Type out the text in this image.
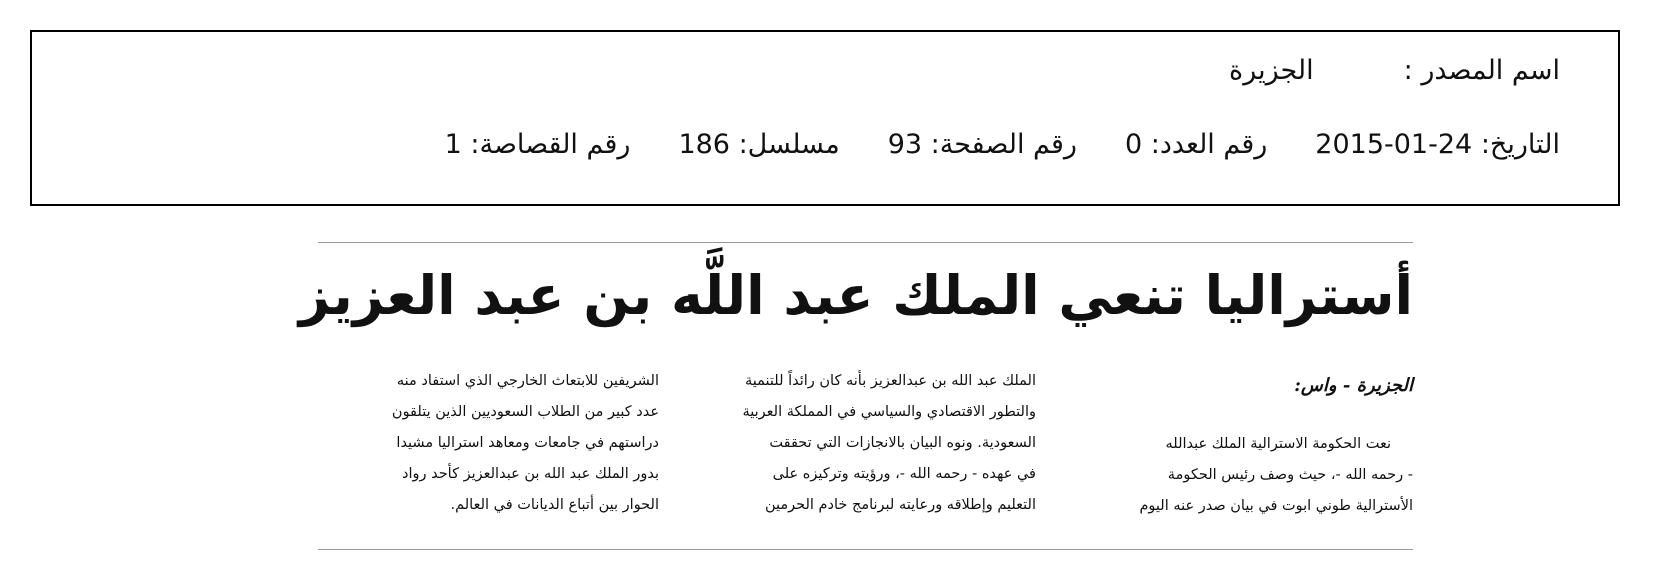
اسم المصدر :الجزيرة
التاريخ: 2015-01-24رقم العدد: 0رقم الصفحة: 93مسلسل: 186رقم القصاصة: 1
أستراليا تنعي الملك عبد اللَّه بن عبد العزيز
الجزيرة - واس:
نعت الحكومة الاسترالية الملك عبدالله
- رحمه الله -، حيث وصف رئيس الحكومة
الأسترالية طوني ابوت في بيان صدر عنه اليوم
الملك عبد الله بن عبدالعزيز بأنه كان رائداً للتنمية
والتطور الاقتصادي والسياسي في المملكة العربية
السعودية. ونوه البيان بالانجازات التي تحققت
في عهده - رحمه الله -، ورؤيته وتركيزه على
التعليم وإطلاقه ورعايته لبرنامج خادم الحرمين
الشريفين للابتعاث الخارجي الذي استفاد منه
عدد كبير من الطلاب السعوديين الذين يتلقون
دراستهم في جامعات ومعاهد استراليا مشيدا
بدور الملك عبد الله بن عبدالعزيز كأحد رواد
الحوار بين أتباع الديانات في العالم.
